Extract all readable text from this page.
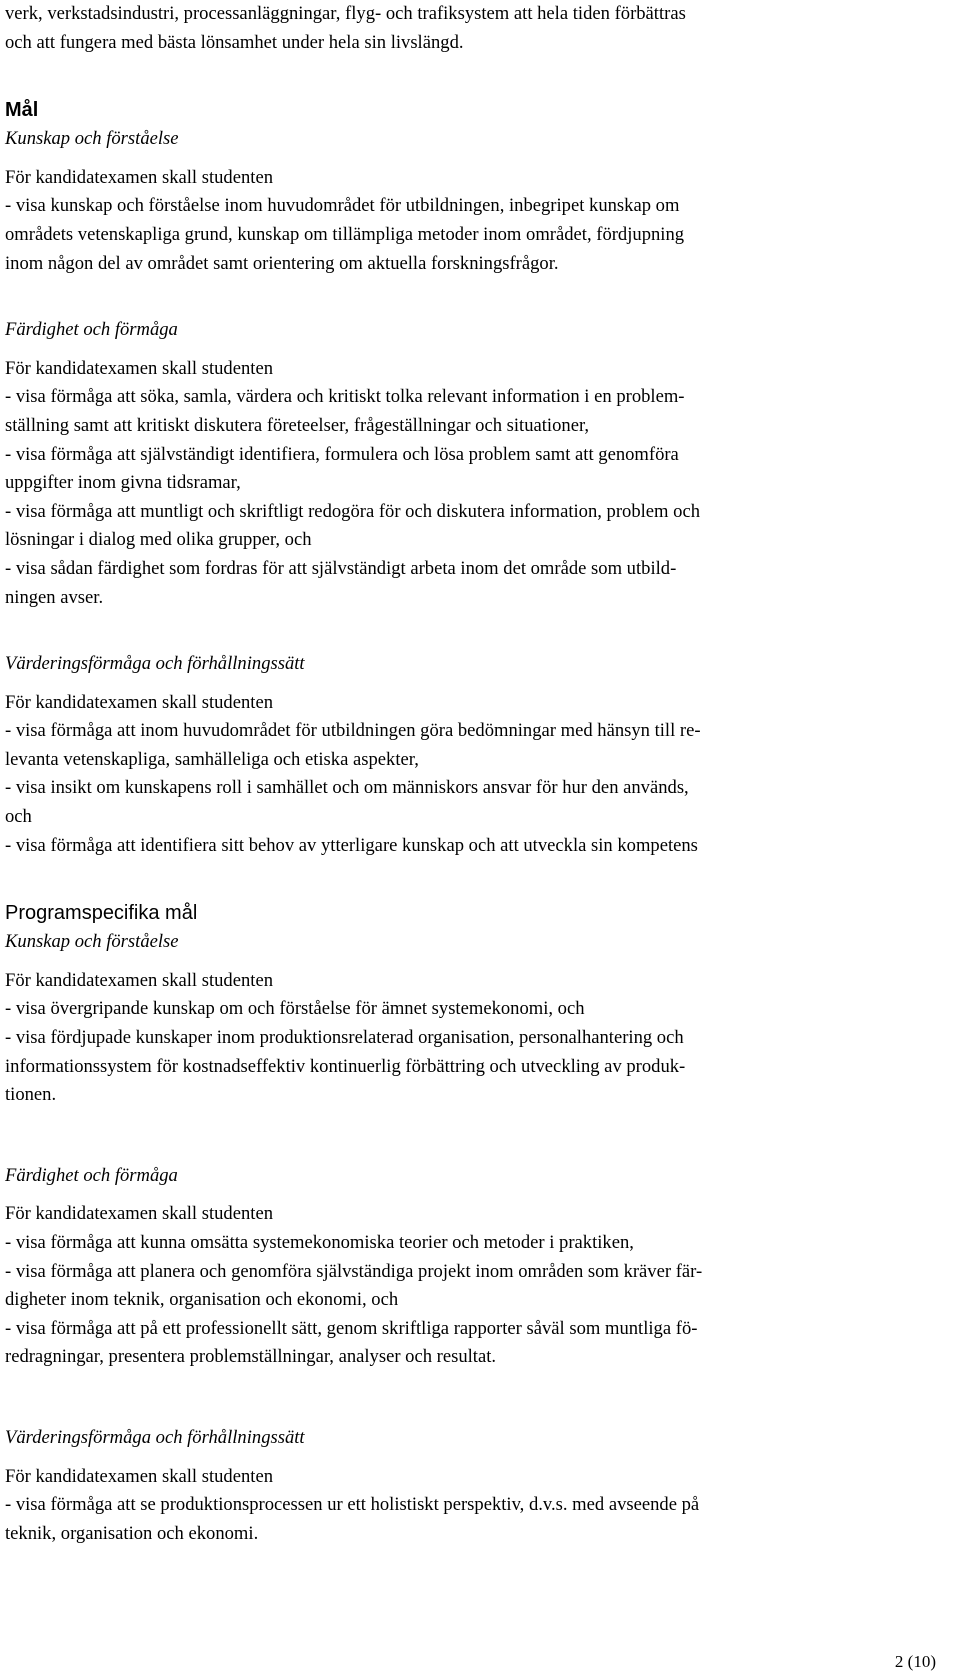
verk, verkstadsindustri, processanläggningar, flyg- och trafiksystem att hela tiden förbättras

och att fungera med bästa lönsamhet under hela sin livslängd.

Mål

Kunskap och förståelse

För kandidatexamen skall studenten

- visa kunskap och förståelse inom huvudområdet för utbildningen, inbegripet kunskap om

områdets vetenskapliga grund, kunskap om tillämpliga metoder inom området, fördjupning

inom någon del av området samt orientering om aktuella forskningsfrågor.

Färdighet och förmåga

För kandidatexamen skall studenten

- visa förmåga att söka, samla, värdera och kritiskt tolka relevant information i en problem-

ställning samt att kritiskt diskutera företeelser, frågeställningar och situationer,

- visa förmåga att självständigt identifiera, formulera och lösa problem samt att genomföra

uppgifter inom givna tidsramar,

- visa förmåga att muntligt och skriftligt redogöra för och diskutera information, problem och

lösningar i dialog med olika grupper, och

- visa sådan färdighet som fordras för att självständigt arbeta inom det område som utbild-

ningen avser.

Värderingsförmåga och förhållningssätt

För kandidatexamen skall studenten

- visa förmåga att inom huvudområdet för utbildningen göra bedömningar med hänsyn till re-

levanta vetenskapliga, samhälleliga och etiska aspekter,

- visa insikt om kunskapens roll i samhället och om människors ansvar för hur den används,

och

- visa förmåga att identifiera sitt behov av ytterligare kunskap och att utveckla sin kompetens

Programspecifika mål

Kunskap och förståelse

För kandidatexamen skall studenten

- visa övergripande kunskap om och förståelse för ämnet systemekonomi, och

- visa fördjupade kunskaper inom produktionsrelaterad organisation, personalhantering och

informationssystem för kostnadseffektiv kontinuerlig förbättring och utveckling av produk-

tionen.

Färdighet och förmåga

För kandidatexamen skall studenten

- visa förmåga att kunna omsätta systemekonomiska teorier och metoder i praktiken,

- visa förmåga att planera och genomföra självständiga projekt inom områden som kräver fär-

digheter inom teknik, organisation och ekonomi, och

- visa förmåga att på ett professionellt sätt, genom skriftliga rapporter såväl som muntliga fö-

redragningar, presentera problemställningar, analyser och resultat.

Värderingsförmåga och förhållningssätt

För kandidatexamen skall studenten

- visa förmåga att se produktionsprocessen ur ett holistiskt perspektiv, d.v.s. med avseende på

teknik, organisation och ekonomi.

2 (10)
